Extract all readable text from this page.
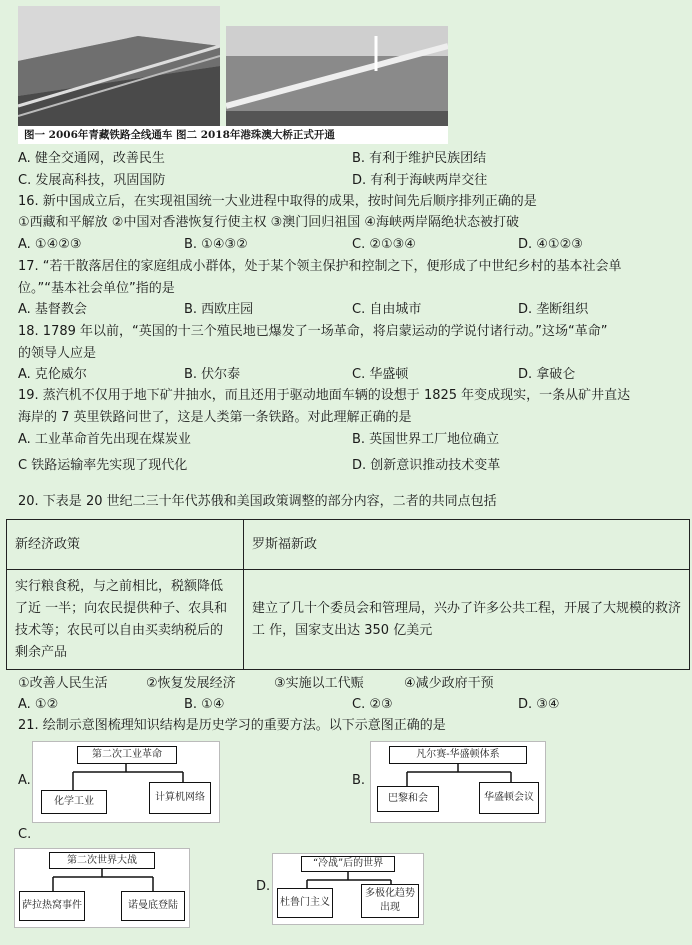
图一 2006年青藏铁路全线通车 图二 2018年港珠澳大桥正式开通
A. 健全交通网，改善民生	B. 有利于维护民族团结
C. 发展高科技，巩固国防	D. 有利于海峡两岸交往
16. 新中国成立后，在实现祖国统一大业进程中取得的成果，按时间先后顺序排列正确的是
①西藏和平解放 ②中国对香港恢复行使主权 ③澳门回归祖国 ④海峡两岸隔绝状态被打破
A. ①④②③	B. ①④③②	C. ②①③④	D. ④①②③
17. “若干散落居住的家庭组成小群体，处于某个领主保护和控制之下，便形成了中世纪乡村的基本社会单
位。”“基本社会单位”指的是
A. 基督教会	B. 西欧庄园	C. 自由城市	D. 垄断组织
18. 1789 年以前，“英国的十三个殖民地已爆发了一场革命，将启蒙运动的学说付诸行动。”这场“革命”
的领导人应是
A. 克伦威尔	B. 伏尔泰	C. 华盛顿	D. 拿破仑
19. 蒸汽机不仅用于地下矿井抽水，而且还用于驱动地面车辆的设想于 1825 年变成现实，一条从矿井直达
海岸的 7 英里铁路问世了，这是人类第一条铁路。对此理解正确的是
A. 工业革命首先出现在煤炭业	B. 英国世界工厂地位确立
C 铁路运输率先实现了现代化	D. 创新意识推动技术变革
20. 下表是 20 世纪二三十年代苏俄和美国政策调整的部分内容，二者的共同点包括
新经济政策	罗斯福新政
实行粮食税，与之前相比，税额降低了近 一半；向农民提供种子、农具和技术等；农民可以自由买卖纳税后的剩余产品	建立了几十个委员会和管理局，兴办了许多公共工程，开展了大规模的救济工 作，国家支出达 350 亿美元
①改善人民生活	②恢复发展经济	③实施以工代赈	④减少政府干预
A. ①②	B. ①④	C. ②③	D. ③④
21. 绘制示意图梳理知识结构是历史学习的重要方法。以下示意图正确的是
A.
第二次工业革命
化学工业	计算机网络
B.
凡尔赛-华盛顿体系
巴黎和会	华盛顿会议
C.
第二次世界大战
萨拉热窝事件	诺曼底登陆
D.
“冷战”后的世界
杜鲁门主义
多极化趋势出现
